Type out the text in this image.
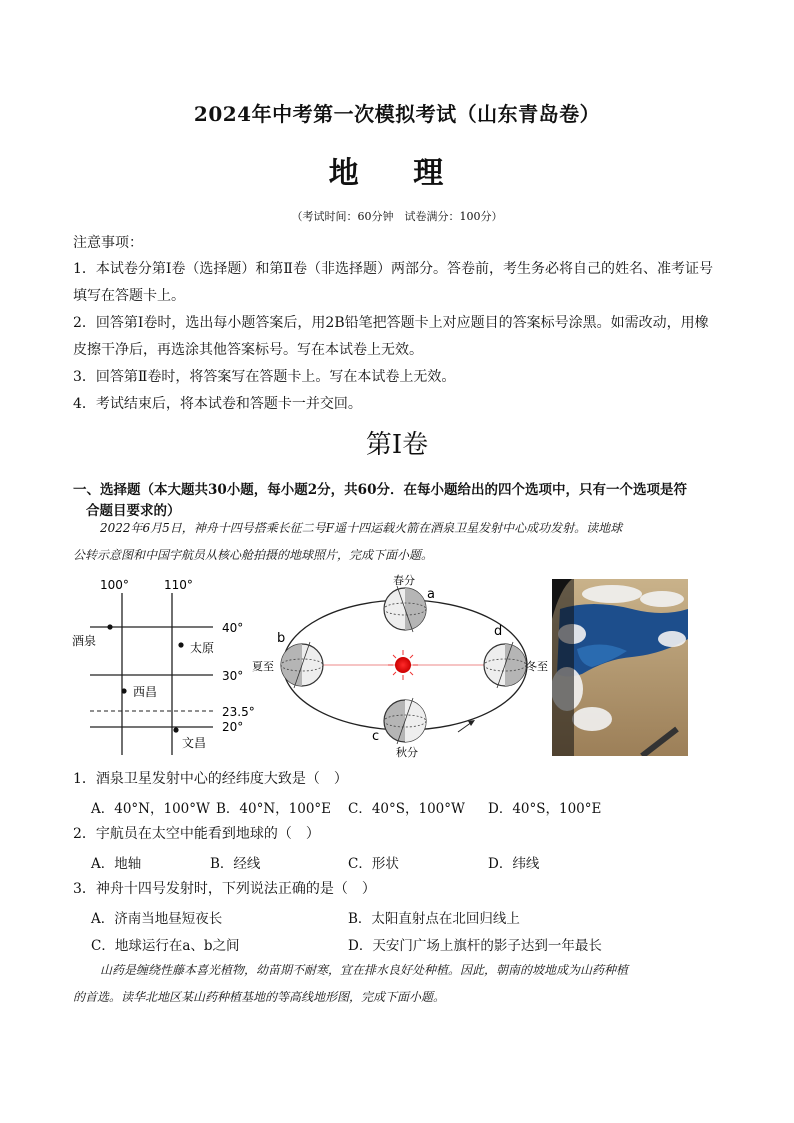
2024年中考第一次模拟考试（山东青岛卷）
地 理
（考试时间：60分钟　试卷满分：100分）
注意事项：
1．本试卷分第Ⅰ卷（选择题）和第Ⅱ卷（非选择题）两部分。答卷前，考生务必将自己的姓名、准考证号
填写在答题卡上。
2．回答第Ⅰ卷时，选出每小题答案后，用2B铅笔把答题卡上对应题目的答案标号涂黑。如需改动，用橡
皮擦干净后，再选涂其他答案标号。写在本试卷上无效。
3．回答第Ⅱ卷时，将答案写在答题卡上。写在本试卷上无效。
4．考试结束后，将本试卷和答题卡一并交回。
第Ⅰ卷
一、选择题（本大题共30小题，每小题2分，共60分．在每小题给出的四个选项中，只有一个选项是符
合题目要求的）
2022年6月5日，神舟十四号搭乘长征二号F遥十四运载火箭在酒泉卫星发射中心成功发射。读地球
公转示意图和中国宇航员从核心舱拍摄的地球照片，完成下面小题。
100°	110°
40°
30°
23.5°
20°
酒泉	太原
西昌
文昌
春分
夏至
秋分
冬至
a
b
c
d
1．酒泉卫星发射中心的经纬度大致是（　）
A．40°N，100°W B．40°N，100°E C．40°S，100°W D．40°S，100°E
2．宇航员在太空中能看到地球的（　）
A．地轴	B．经线	C．形状	D．纬线
3．神舟十四号发射时，下列说法正确的是（　）
A．济南当地昼短夜长	B．太阳直射点在北回归线上
C．地球运行在a、b之间	D．天安门广场上旗杆的影子达到一年最长
山药是缠绕性藤本喜光植物，幼苗期不耐寒，宜在排水良好处种植。因此，朝南的坡地成为山药种植
的首选。读华北地区某山药种植基地的等高线地形图，完成下面小题。
